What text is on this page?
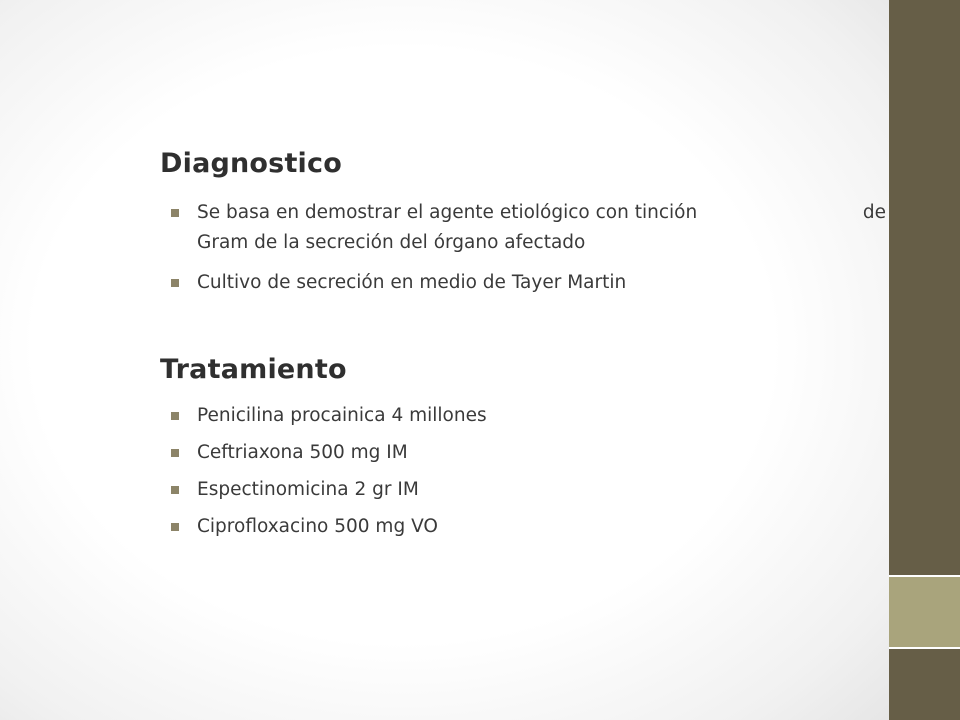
Diagnostico
Se basa en demostrar el agente etiológico con tinción	de
Gram de la secreción del órgano afectado
Cultivo de secreción en medio de Tayer Martin
Tratamiento
Penicilina procainica 4 millones
Ceftriaxona 500 mg IM
Espectinomicina 2 gr IM
Ciprofloxacino 500 mg VO
